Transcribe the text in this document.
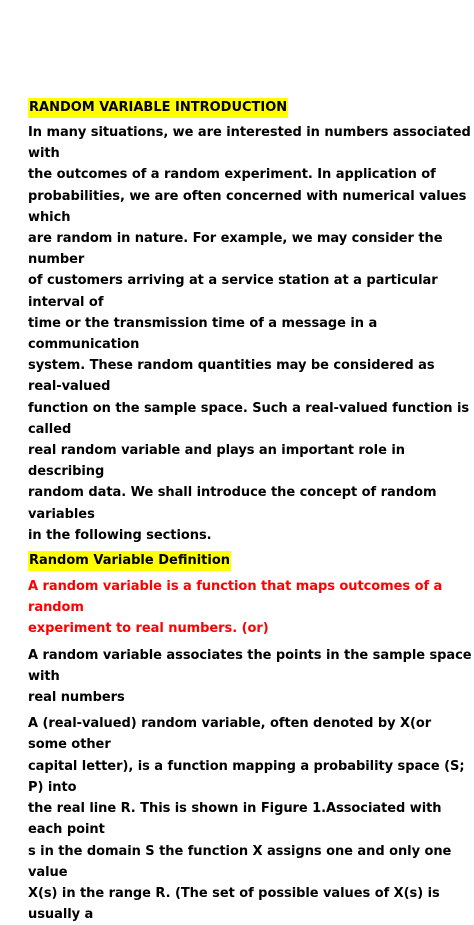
RANDOM VARIABLE INTRODUCTION

In many situations, we are interested in numbers associated with
the outcomes of a random experiment. In application of
probabilities, we are often concerned with numerical values which
are random in nature. For example, we may consider the number
of customers arriving at a service station at a particular interval of
time or the transmission time of a message in a communication
system. These random quantities may be considered as real-valued
function on the sample space. Such a real-valued function is called
real random variable and plays an important role in describing
random data. We shall introduce the concept of random variables
in the following sections.

Random Variable Definition

A random variable is a function that maps outcomes of a random
experiment to real numbers. (or)

A random variable associates the points in the sample space with
real numbers

A (real-valued) random variable, often denoted by X(or some other
capital letter), is a function mapping a probability space (S; P) into
the real line R. This is shown in Figure 1.Associated with each point
s in the domain S the function X assigns one and only one value
X(s) in the range R. (The set of possible values of X(s) is usually a
